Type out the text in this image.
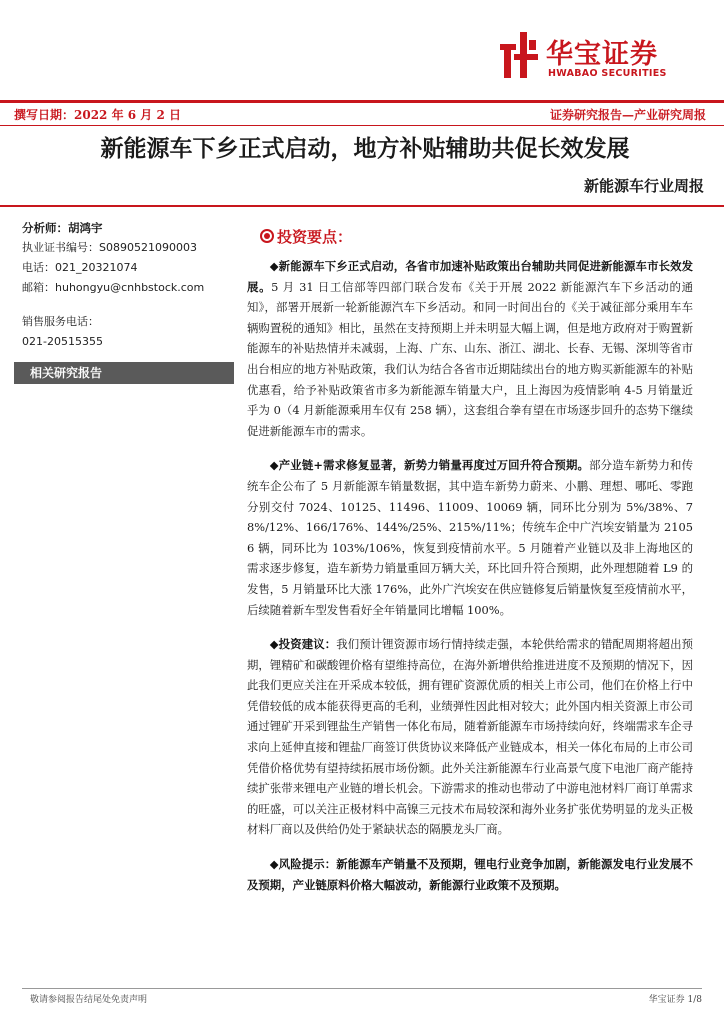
华宝证券
HWABAO SECURITIES
撰写日期：2022 年 6 月 2 日	证券研究报告—产业研究周报
新能源车下乡正式启动，地方补贴辅助共促长效发展
新能源车行业周报
分析师：胡鸿宇
执业证书编号：S0890521090003
电话：021_20321074
邮箱：huhongyu@cnhbstock.com
销售服务电话：
021-20515355
相关研究报告
投资要点：

◆新能源车下乡正式启动，各省市加速补贴政策出台辅助共同促进新能源车市长效发展。5 月 31 日工信部等四部门联合发布《关于开展 2022 新能源汽车下乡活动的通知》，部署开展新一轮新能源汽车下乡活动。和同一时间出台的《关于减征部分乘用车车辆购置税的通知》相比，虽然在支持预期上并未明显大幅上调，但是地方政府对于购置新能源车的补贴热情并未减弱，上海、广东、山东、浙江、湖北、长春、无锡、深圳等省市出台相应的地方补贴政策，我们认为结合各省市近期陆续出台的地方购买新能源车的补贴优惠看，给予补贴政策省市多为新能源车销量大户，且上海因为疫情影响 4-5 月销量近乎为 0（4 月新能源乘用车仅有 258 辆），这套组合拳有望在市场逐步回升的态势下继续促进新能源车市的需求。

◆产业链+需求修复显著，新势力销量再度过万回升符合预期。部分造车新势力和传统车企公布了 5 月新能源车销量数据，其中造车新势力蔚来、小鹏、理想、哪吒、零跑分别交付 7024、10125、11496、11009、10069 辆，同环比分别为 5%/38%、78%/12%、166/176%、144%/25%、215%/11%；传统车企中广汽埃安销量为 21056 辆，同环比为 103%/106%，恢复到疫情前水平。5 月随着产业链以及非上海地区的需求逐步修复，造车新势力销量重回万辆大关，环比回升符合预期，此外理想随着 L9 的发售，5 月销量环比大涨 176%，此外广汽埃安在供应链修复后销量恢复至疫情前水平，后续随着新车型发售看好全年销量同比增幅 100%。

◆投资建议：我们预计锂资源市场行情持续走强，本轮供给需求的错配周期将超出预期，锂精矿和碳酸锂价格有望维持高位，在海外新增供给推进进度不及预期的情况下，因此我们更应关注在开采成本较低，拥有锂矿资源优质的相关上市公司，他们在价格上行中凭借较低的成本能获得更高的毛利，业绩弹性因此相对较大；此外国内相关资源上市公司通过锂矿开采到锂盐生产销售一体化布局，随着新能源车市场持续向好，终端需求车企寻求向上延伸直接和锂盐厂商签订供货协议来降低产业链成本，相关一体化布局的上市公司凭借价格优势有望持续拓展市场份额。此外关注新能源车行业高景气度下电池厂商产能持续扩张带来锂电产业链的增长机会。下游需求的推动也带动了中游电池材料厂商订单需求的旺盛，可以关注正极材料中高镍三元技术布局较深和海外业务扩张优势明显的龙头正极材料厂商以及供给仍处于紧缺状态的隔膜龙头厂商。

◆风险提示：新能源车产销量不及预期，锂电行业竞争加剧，新能源发电行业发展不及预期，产业链原料价格大幅波动，新能源行业政策不及预期。

敬请参阅报告结尾处免责声明	华宝证券 1/8
